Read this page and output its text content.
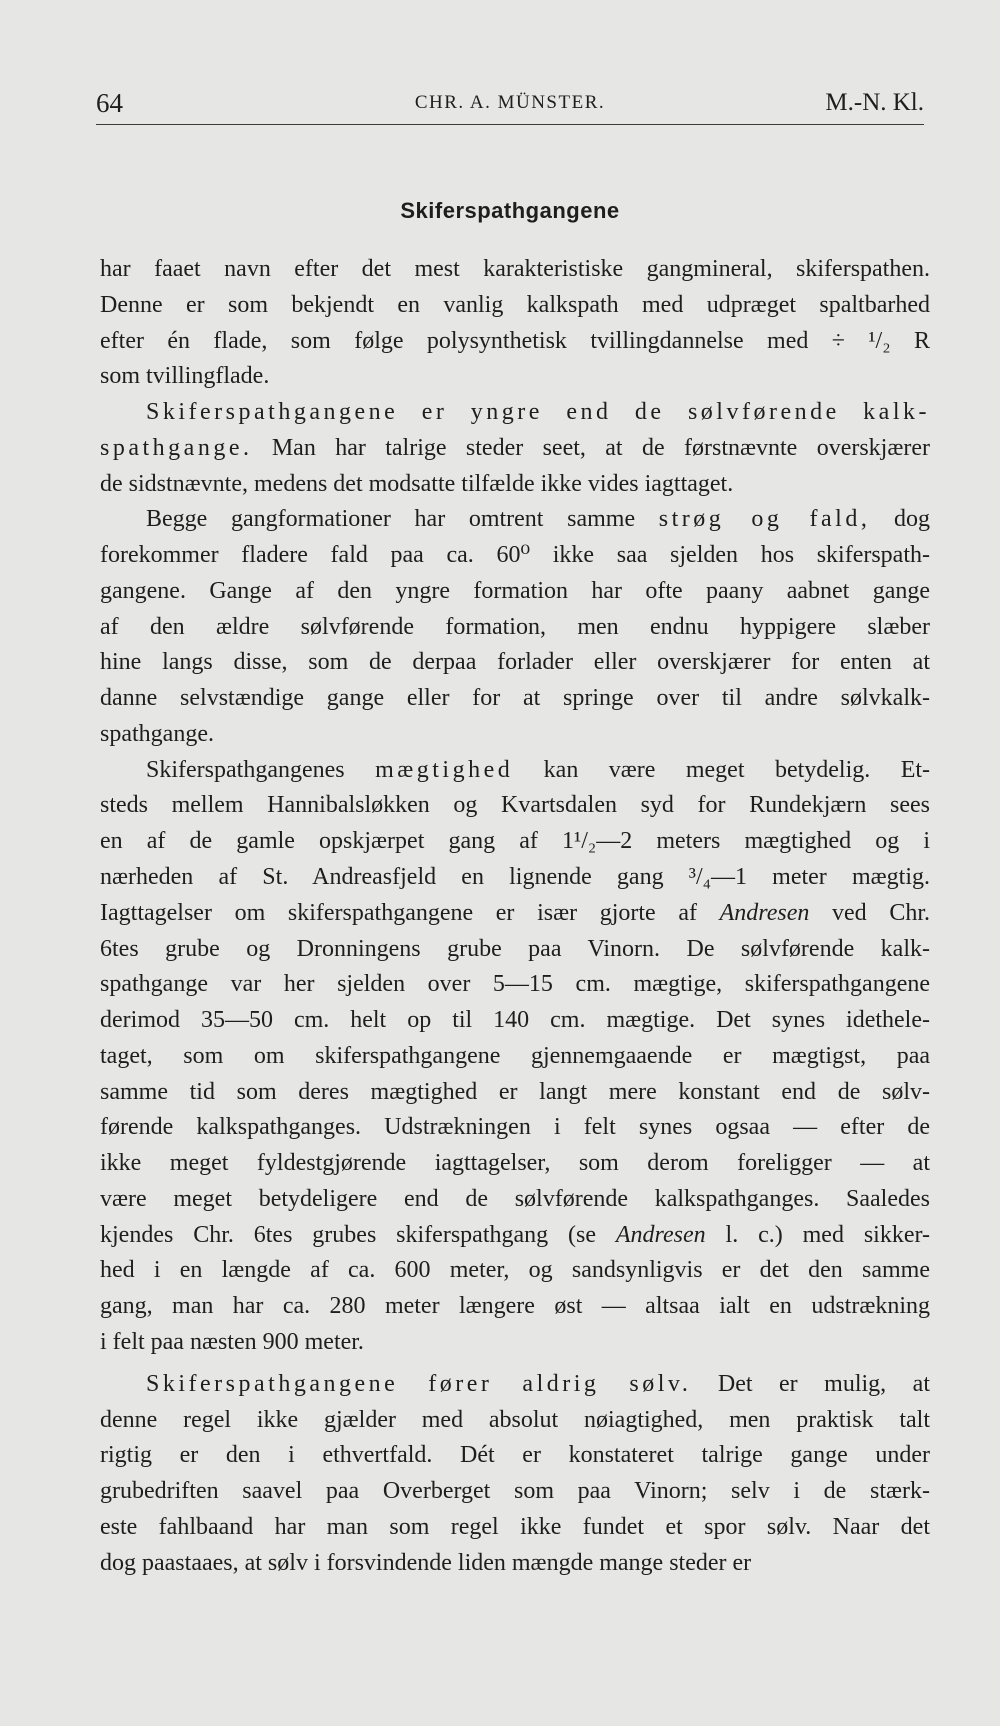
64	CHR. A. MÜNSTER.	M.-N. Kl.
Skiferspathgangene
har faaet navn efter det mest karakteristiske gangmineral, skiferspathen.
Denne er som bekjendt en vanlig kalkspath med udpræget spaltbarhed
efter én flade, som følge polysynthetisk tvillingdannelse med ÷ ¹/₂ R
som tvillingflade.
Skiferspathgangene er yngre end de sølvførende kalk-
spathgange. Man har talrige steder seet, at de førstnævnte overskjærer
de sidstnævnte, medens det modsatte tilfælde ikke vides iagttaget.
Begge gangformationer har omtrent samme strøg og fald, dog
forekommer fladere fald paa ca. 60⁰ ikke saa sjelden hos skiferspath-
gangene. Gange af den yngre formation har ofte paany aabnet gange
af den ældre sølvførende formation, men endnu hyppigere slæber
hine langs disse, som de derpaa forlader eller overskjærer for enten at
danne selvstændige gange eller for at springe over til andre sølvkalk-
spathgange.
Skiferspathgangenes mægtighed kan være meget betydelig. Et-
steds mellem Hannibalsløkken og Kvartsdalen syd for Rundekjærn sees
en af de gamle opskjærpet gang af 1¹/₂—2 meters mægtighed og i
nærheden af St. Andreasfjeld en lignende gang ³/₄—1 meter mægtig.
Iagttagelser om skiferspathgangene er især gjorte af Andresen ved Chr.
6tes grube og Dronningens grube paa Vinorn. De sølvførende kalk-
spathgange var her sjelden over 5—15 cm. mægtige, skiferspathgangene
derimod 35—50 cm. helt op til 140 cm. mægtige. Det synes idethele-
taget, som om skiferspathgangene gjennemgaaende er mægtigst, paa
samme tid som deres mægtighed er langt mere konstant end de sølv-
førende kalkspathganges. Udstrækningen i felt synes ogsaa — efter de
ikke meget fyldestgjørende iagttagelser, som derom foreligger — at
være meget betydeligere end de sølvførende kalkspathganges. Saaledes
kjendes Chr. 6tes grubes skiferspathgang (se Andresen l. c.) med sikker-
hed i en længde af ca. 600 meter, og sandsynligvis er det den samme
gang, man har ca. 280 meter længere øst — altsaa ialt en udstrækning
i felt paa næsten 900 meter.
Skiferspathgangene fører aldrig sølv. Det er mulig, at
denne regel ikke gjælder med absolut nøiagtighed, men praktisk talt
rigtig er den i ethvertfald. Dét er konstateret talrige gange under
grubedriften saavel paa Overberget som paa Vinorn; selv i de stærk-
este fahlbaand har man som regel ikke fundet et spor sølv. Naar det
dog paastaaes, at sølv i forsvindende liden mængde mange steder er
